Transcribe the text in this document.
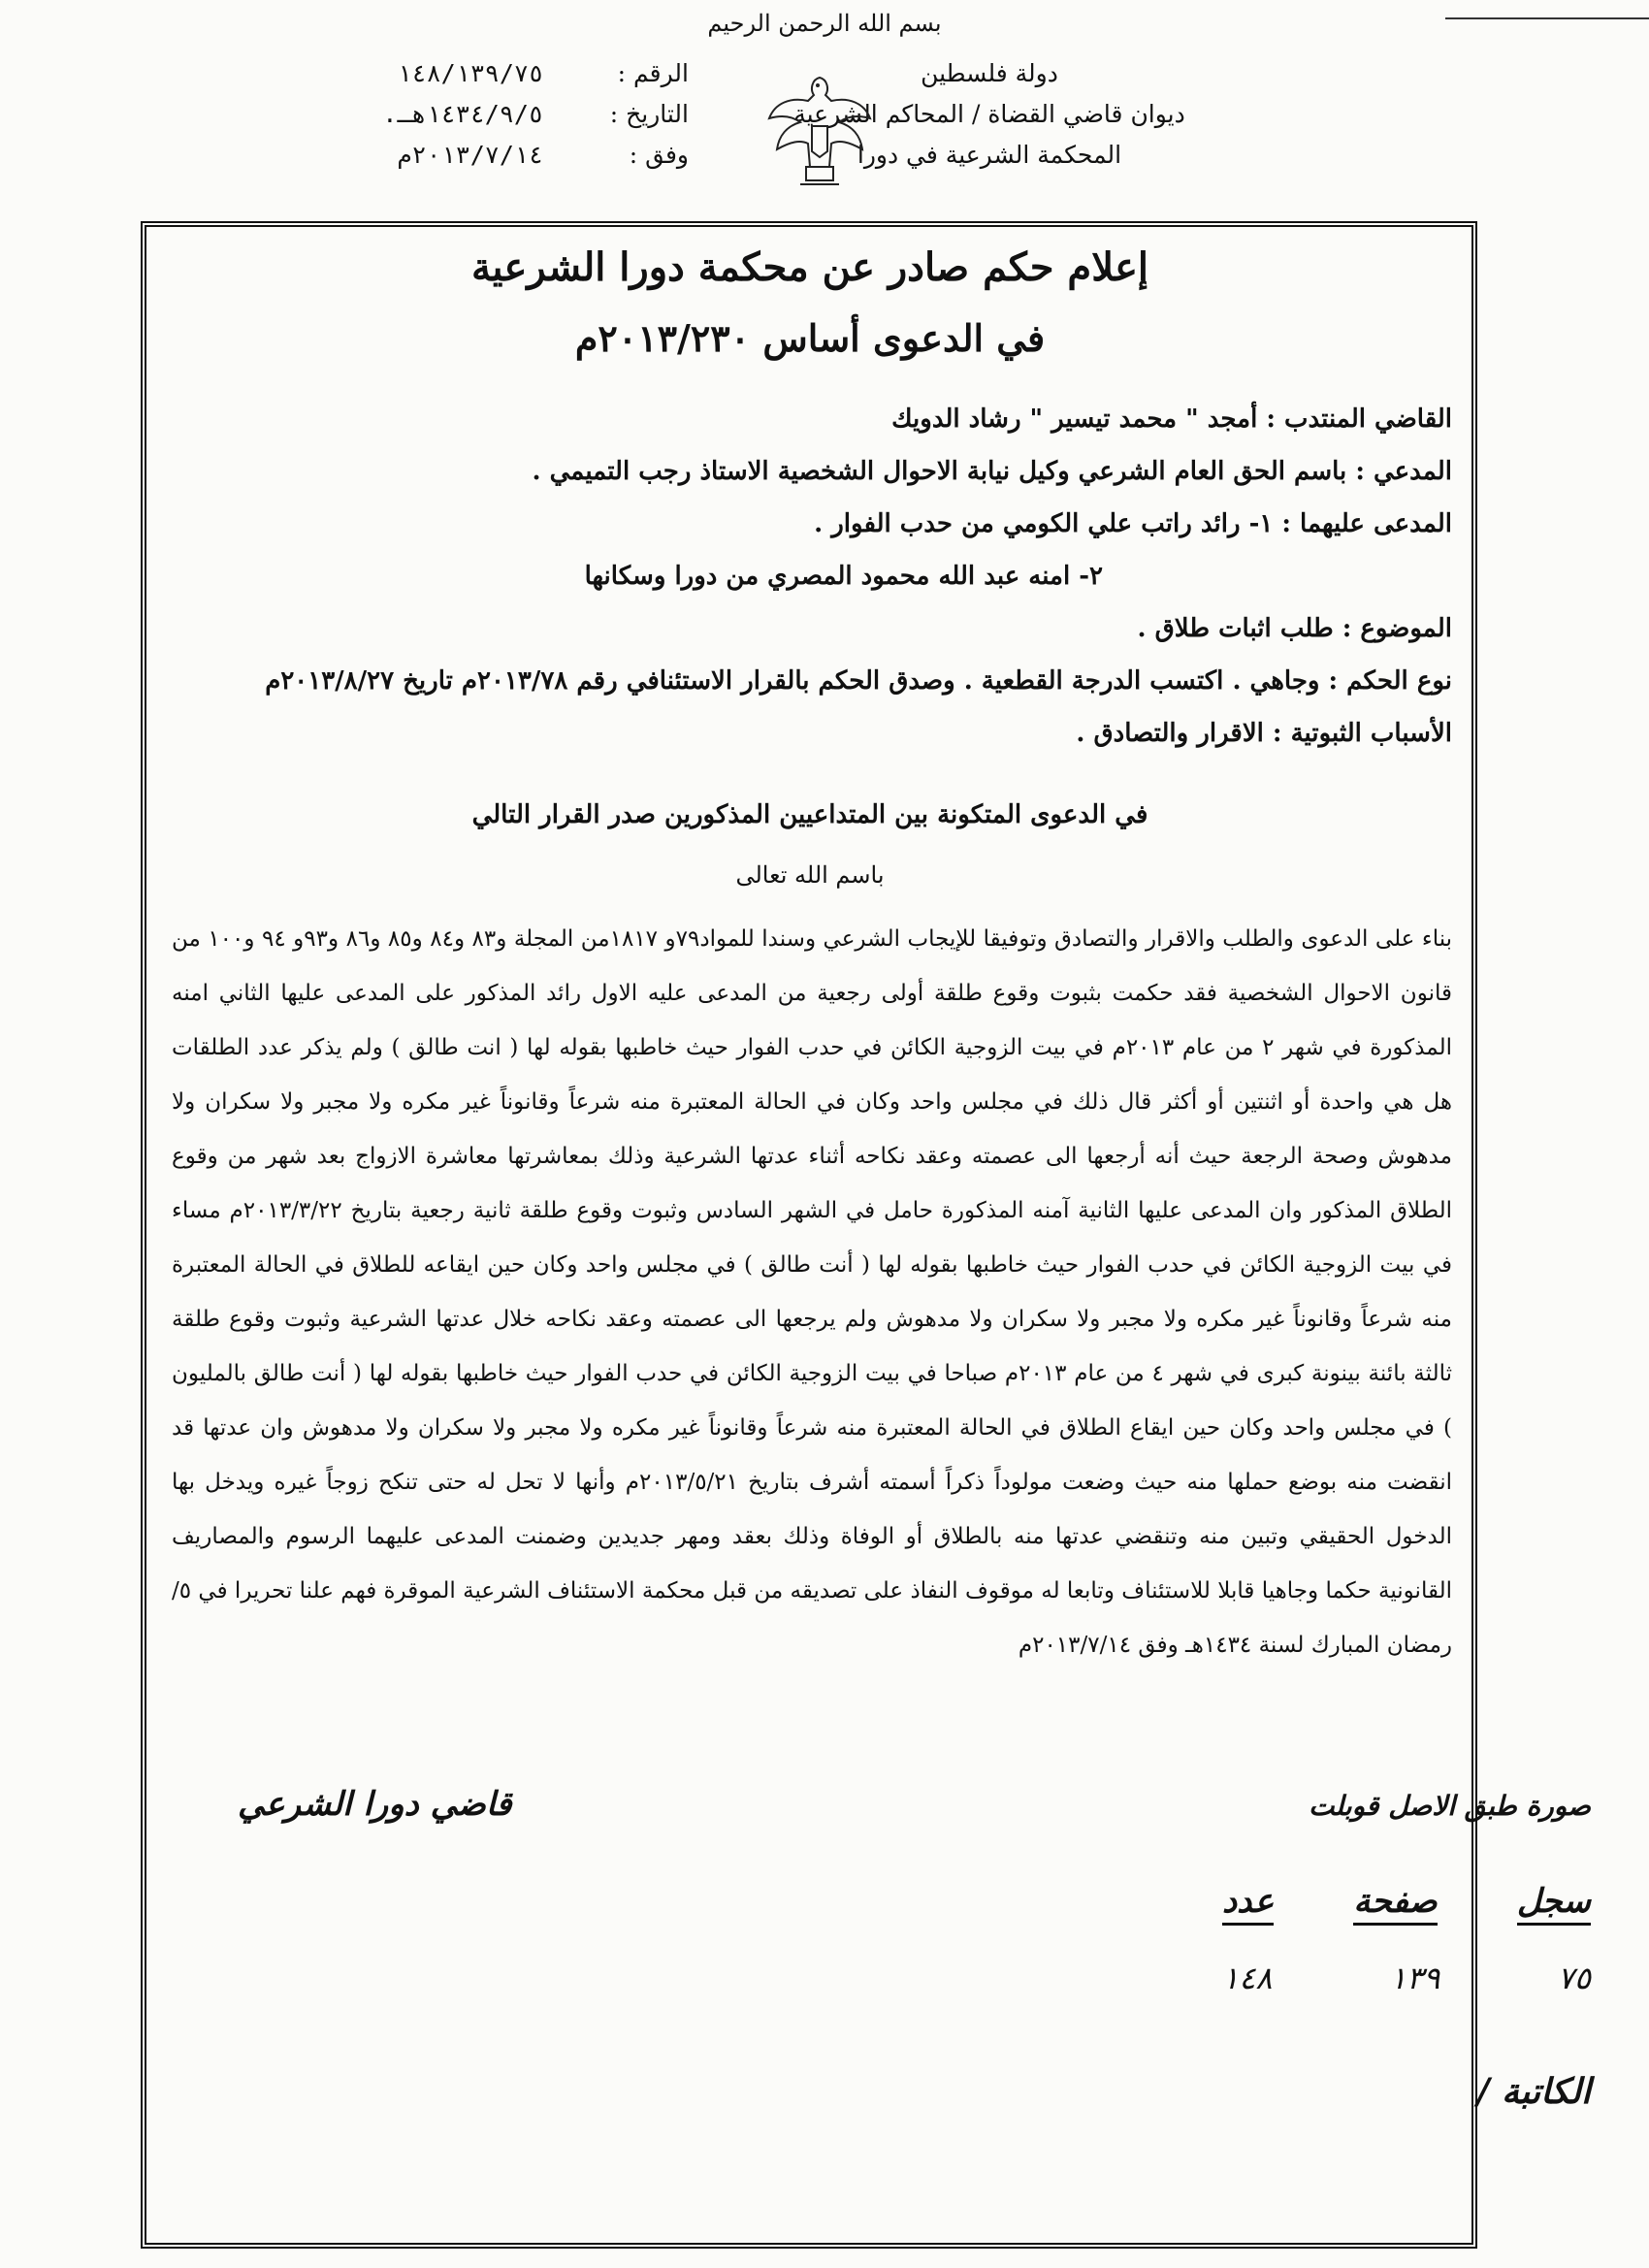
بسم الله الرحمن الرحيم
دولة فلسطين
ديوان قاضي القضاة / المحاكم الشرعية
المحكمة الشرعية في دورا
الرقم :
١٤٨/١٣٩/٧٥
التاريخ :
١٤٣٤/٩/٥هـ.
وفق :
٢٠١٣/٧/١٤م
إعلام حكم صادر عن محكمة دورا الشرعية
في الدعوى أساس ٢٠١٣/٢٣٠م
القاضي المنتدب : أمجد " محمد تيسير " رشاد الدويك
المدعي : باسم الحق العام الشرعي وكيل نيابة الاحوال الشخصية الاستاذ رجب التميمي .
المدعى عليهما : ١- رائد راتب علي الكومي من حدب الفوار .
٢- امنه عبد الله محمود المصري من دورا وسكانها
الموضوع : طلب اثبات طلاق .
نوع الحكم : وجاهي . اكتسب الدرجة القطعية . وصدق الحكم بالقرار الاستئنافي رقم ٢٠١٣/٧٨م تاريخ ٢٠١٣/٨/٢٧م
الأسباب الثبوتية : الاقرار والتصادق .
في الدعوى المتكونة بين المتداعيين المذكورين صدر القرار التالي
باسم الله تعالى

بناء على الدعوى والطلب والاقرار والتصادق وتوفيقا للإيجاب الشرعي وسندا للمواد٧٩و ١٨١٧من المجلة و٨٣ و٨٤ و٨٥ و٨٦ و٩٣و ٩٤ و١٠٠ من قانون الاحوال الشخصية فقد حكمت بثبوت وقوع طلقة أولى رجعية من المدعى عليه الاول رائد المذكور على المدعى عليها الثاني امنه المذكورة في شهر ٢ من عام ٢٠١٣م في بيت الزوجية الكائن في حدب الفوار حيث خاطبها بقوله لها ( انت طالق ) ولم يذكر عدد الطلقات هل هي واحدة أو اثنتين أو أكثر قال ذلك في مجلس واحد وكان في الحالة المعتبرة منه شرعاً وقانوناً غير مكره ولا مجبر ولا سكران ولا مدهوش وصحة الرجعة حيث أنه أرجعها الى عصمته وعقد نكاحه أثناء عدتها الشرعية وذلك بمعاشرتها معاشرة الازواج بعد شهر من وقوع الطلاق المذكور وان المدعى عليها الثانية آمنه المذكورة حامل في الشهر السادس وثبوت وقوع طلقة ثانية رجعية بتاريخ ٢٠١٣/٣/٢٢م مساء في بيت الزوجية الكائن في حدب الفوار حيث خاطبها بقوله لها ( أنت طالق ) في مجلس واحد وكان حين ايقاعه للطلاق في الحالة المعتبرة منه شرعاً وقانوناً غير مكره ولا مجبر ولا سكران ولا مدهوش ولم يرجعها الى عصمته وعقد نكاحه خلال عدتها الشرعية وثبوت وقوع طلقة ثالثة بائنة بينونة كبرى في شهر ٤ من عام ٢٠١٣م صباحا في بيت الزوجية الكائن في حدب الفوار حيث خاطبها بقوله لها ( أنت طالق بالمليون ) في مجلس واحد وكان حين ايقاع الطلاق في الحالة المعتبرة منه شرعاً وقانوناً غير مكره ولا مجبر ولا سكران ولا مدهوش وان عدتها قد انقضت منه بوضع حملها منه حيث وضعت مولوداً ذكراً أسمته أشرف بتاريخ ٢٠١٣/٥/٢١م وأنها لا تحل له حتى تنكح زوجاً غيره ويدخل بها الدخول الحقيقي وتبين منه وتنقضي عدتها منه بالطلاق أو الوفاة وذلك بعقد ومهر جديدين وضمنت المدعى عليهما الرسوم والمصاريف القانونية حكما وجاهيا قابلا للاستئناف وتابعا له موقوف النفاذ على تصديقه من قبل محكمة الاستئناف الشرعية الموقرة فهم علنا تحريرا في ٥/ رمضان المبارك لسنة ١٤٣٤هـ وفق ٢٠١٣/٧/١٤م

قاضي دورا الشرعي	صورة طبق الاصل قوبلت
سجل
صفحة
عدد
٧٥
١٣٩
١٤٨
الكاتبة /
